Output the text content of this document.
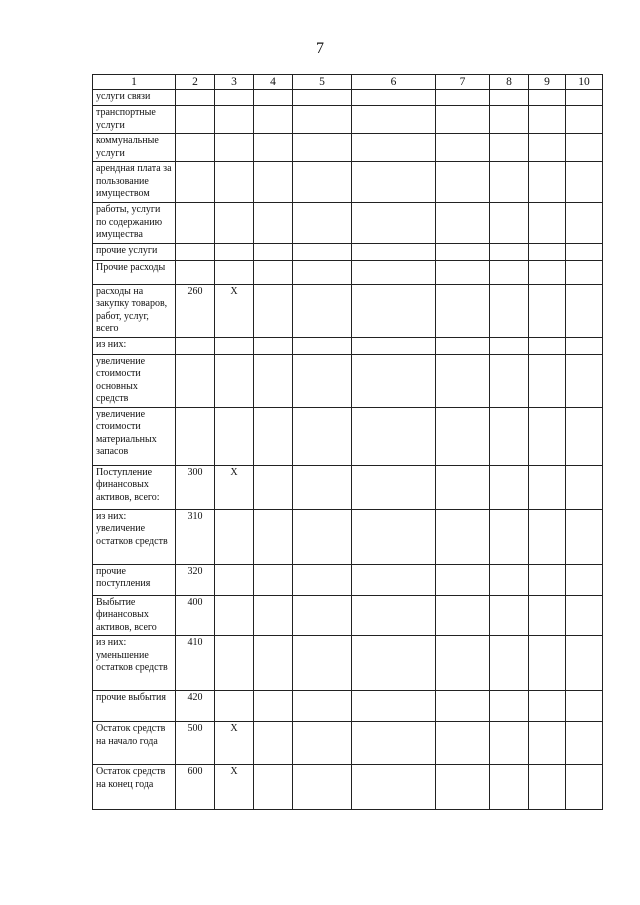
7
1	2	3	4	5	6	7	8	9	10
услуги связи									
транспортные услуги									
коммунальные услуги									
арендная плата за пользование имуществом									
работы, услуги по содержанию имущества									
прочие услуги									
Прочие расходы									
расходы на закупку товаров, работ, услуг, всего	260	Х							
из них:									
увеличение стоимости основных средств									
увеличение стоимости материальных запасов									
Поступление финансовых активов, всего:	300	Х							
из них: увеличение остатков средств	310								
прочие поступления	320								
Выбытие финансовых активов, всего	400								
из них: уменьшение остатков средств	410								
прочие выбытия	420								
Остаток средств на начало года	500	Х							
Остаток средств на конец года	600	Х							
